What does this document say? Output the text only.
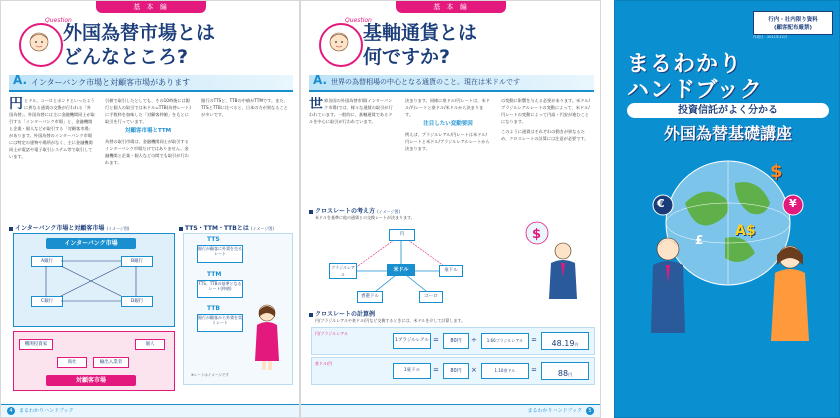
基 本 編
Question
外国為替市場とは
どんなところ?
A. インターバンク市場と対顧客市場があります
円 とドル、ユーロとポンドといったように異なる通貨の交換が行われる「外国為替」。外国為替には主に金融機関同士が取引する「インターバンク市場」と、金融機関と企業・個人などが取引する「対顧客市場」があります。外国為替のインターバンク市場には特定の建物や場所がなく、主に金融機関同士が電話や電子取引システム等で取引しています。
引値で取引したとしても、その10時後には銀行と個人の取引では米ドル=TTB(為替レート)に手数料を加味した「対顧客仲値」をもとに取引を行っています。
対顧客市場とTTM
為替の取引市場は、金融機関同士が取引するインターバンク市場だけではありません。金融機関と企業・個人などの間でも取引が行われます。
銀行のTTSと、TTBの中値がTTMです。また、TTSとTTBに比べると、日本の方が異なることが多いです。
インターバンク市場と対顧客市場 (イメージ図)
インターバンク市場
A銀行	B銀行
C銀行	D銀行
機関投資家
商社	輸出入業者
個人
対顧客市場
TTS・TTM・TTBとは (イメージ図)
TTS
銀行が顧客に外貨を売るレート
TTM
TTS、TTBの基準となるレート(仲値)
TTB
銀行が顧客から外貨を買うレート
※レートはイメージです
4	まるわかりハンドブック
基 本 編
Question
基軸通貨とは
何ですか?
A. 世界の為替相場の中心となる通貨のこと。現在は米ドルです
世 界各国の外国為替市場(インターバンク市場)では、様々な通貨の取引が行われています。一般的に、基軸通貨であるドルを中心に取引が行われています。
決まります。同様に豪ドル/円レートは、米ドル/円レートと豪ドル/米ドルから決まります。
注目したい変動要因
例えば、ブラジルレアル/円レートは米ドル/円レートと米ドル/ブラジルレアルレートから決まります。
の変動に影響を与える必要があります。米ドル/ブラジルレアルレートの変動によって、米ドル/円レートの変動によって円高・円安が進むことになります。
このように通貨はそれぞれの動きが異なるため、クロスレートの計算には注意が必要です。
クロスレートの考え方 (イメージ図)
米ドルを基準に他の通貨との交換レートが決まります。
円
米ドル	豪ドル
ブラジルレアル
香港ドル	ユーロ
$
クロスレートの計算例
円/ブラジルレアルや豪ドル/円など交換するときには、米ドルを介して計算します。
円/ブラジルレアル
1ブラジルレアル =	80円	÷	1.66ブラジルレアル	=	48.19円
豪ドル/円
1豪ドル	=	80円	×	1.10豪ドル	=	88円
まるわかりハンドブック	5
行内・社内限り資料
(顧客配布厳禁)
作成日：2011年12月
まるわかり
ハンドブック
投資信託がよく分かる
外国為替基礎講座
$
€	¥
A$
£
